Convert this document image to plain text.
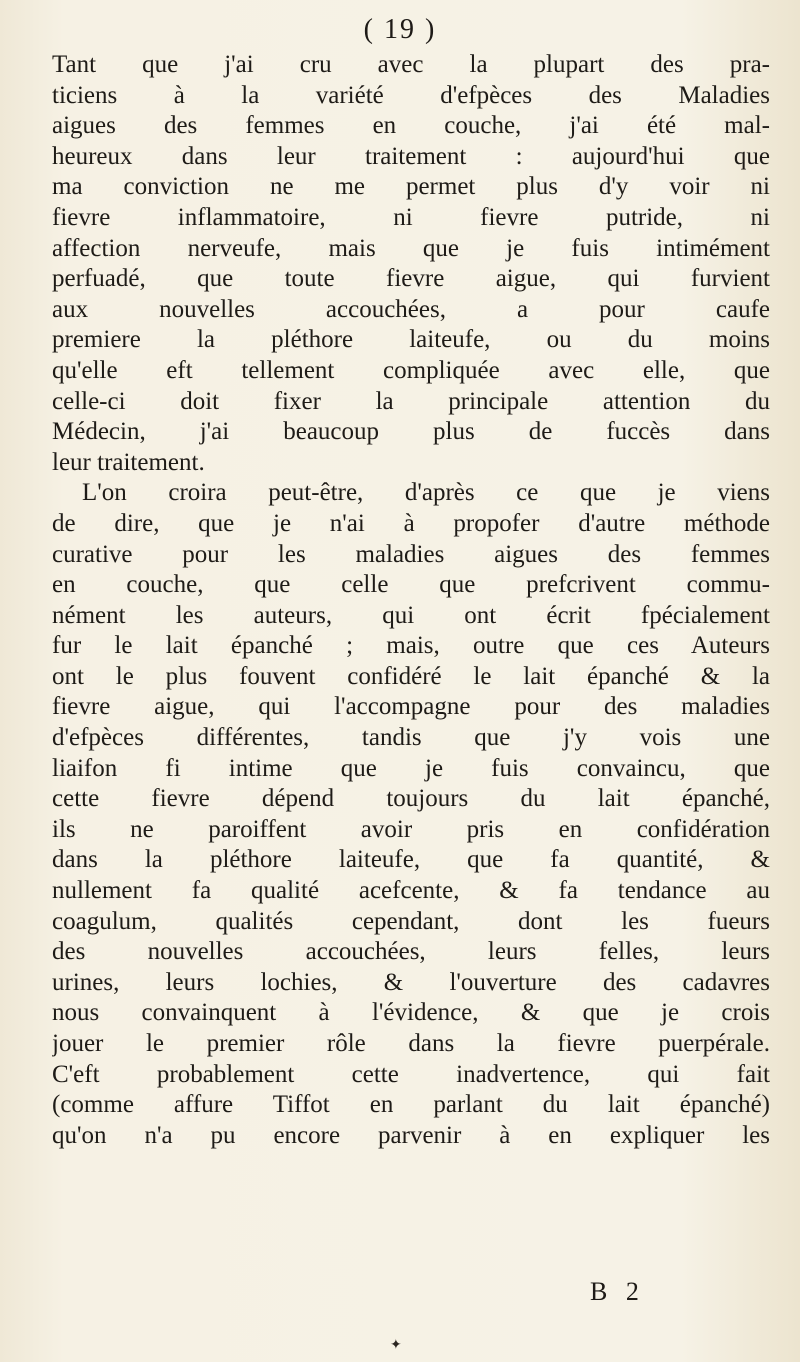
( 19 )
Tant que j'ai cru avec la plupart des pra-
ticiens à la variété d'efpèces des Maladies
aigues des femmes en couche, j'ai été mal-
heureux dans leur traitement : aujourd'hui que
ma conviction ne me permet plus d'y voir ni
fievre inflammatoire, ni fievre putride, ni
affection nerveufe, mais que je fuis intimément
perfuadé, que toute fievre aigue, qui furvient
aux nouvelles accouchées, a pour caufe
premiere la pléthore laiteufe, ou du moins
qu'elle eft tellement compliquée avec elle, que
celle-ci doit fixer la principale attention du
Médecin, j'ai beaucoup plus de fuccès dans
leur traitement.
L'on croira peut-être, d'après ce que je viens
de dire, que je n'ai à propofer d'autre méthode
curative pour les maladies aigues des femmes
en couche, que celle que prefcrivent commu-
nément les auteurs, qui ont écrit fpécialement
fur le lait épanché ; mais, outre que ces Auteurs
ont le plus fouvent confidéré le lait épanché & la
fievre aigue, qui l'accompagne pour des maladies
d'efpèces différentes, tandis que j'y vois une
liaifon fi intime que je fuis convaincu, que
cette fievre dépend toujours du lait épanché,
ils ne paroiffent avoir pris en confidération
dans la pléthore laiteufe, que fa quantité, &
nullement fa qualité acefcente, & fa tendance au
coagulum, qualités cependant, dont les fueurs
des nouvelles accouchées, leurs felles, leurs
urines, leurs lochies, & l'ouverture des cadavres
nous convainquent à l'évidence, & que je crois
jouer le premier rôle dans la fievre puerpérale.
C'eft probablement cette inadvertence, qui fait
(comme affure Tiffot en parlant du lait épanché)
qu'on n'a pu encore parvenir à en expliquer les
B 2
✦
